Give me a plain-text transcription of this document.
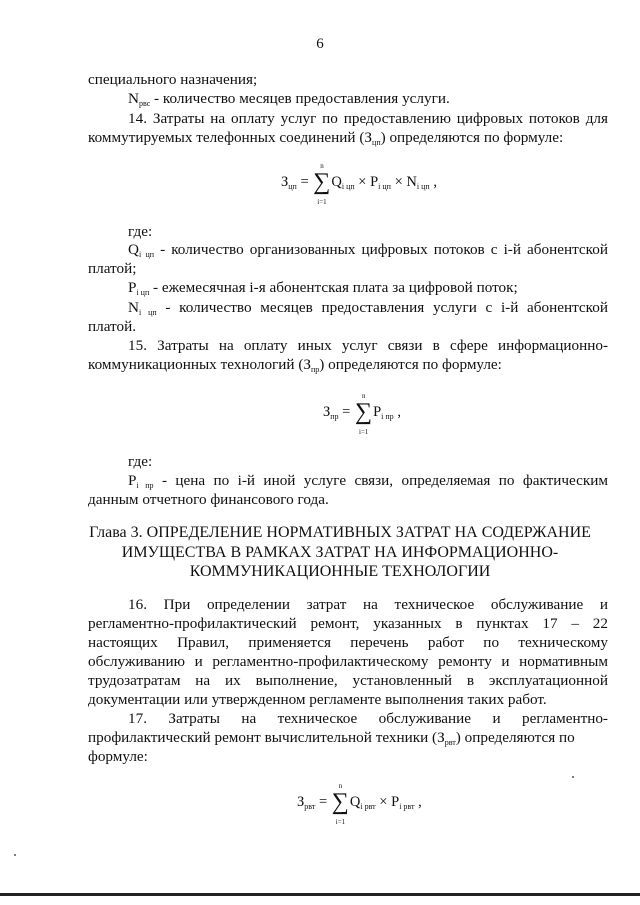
6
специального назначения;
$N_{рвс}$ - количество месяцев предоставления услуги.
14. Затраты на оплату услуг по предоставлению цифровых потоков для
коммутируемых телефонных соединений $(З_{цп})$ определяются по формуле:
$З_{цп}$ = ∑
n
i=1
$Q_{i цп} \times P_{i цп} \times N_{i цп}$ ,
где:
$Q_{i цп}$ - количество организованных цифровых потоков с i-й абонентской
платой;
$P_{i цп}$ - ежемесячная i-я абонентская плата за цифровой поток;
$N_{i цп}$ - количество месяцев предоставления услуги с i-й абонентской
платой.
15. Затраты на оплату иных услуг связи в сфере информационно-
коммуникационных технологий $(З_{пр})$ определяются по формуле:
$З_{пр}$ = ∑
n
i=1
$P_{i пр}$ ,
где:
$P_{i пр}$ - цена по i-й иной услуге связи, определяемая по фактическим
данным отчетного финансового года.
Глава 3. ОПРЕДЕЛЕНИЕ НОРМАТИВНЫХ ЗАТРАТ НА СОДЕРЖАНИЕ
ИМУЩЕСТВА В РАМКАХ ЗАТРАТ НА ИНФОРМАЦИОННО-
КОММУНИКАЦИОННЫЕ ТЕХНОЛОГИИ
16. При определении затрат на техническое обслуживание и
регламентно-профилактический ремонт, указанных в пунктах 17 – 22
настоящих Правил, применяется перечень работ по техническому
обслуживанию и регламентно-профилактическому ремонту и нормативным
трудозатратам на их выполнение, установленный в эксплуатационной
документации или утвержденном регламенте выполнения таких работ.
17. Затраты на техническое обслуживание и регламентно-
профилактический ремонт вычислительной техники $(З_{рвт})$ определяются по
формуле:
$З_{рвт}$ = ∑
n
i=1
$Q_{i рвт} \times P_{i рвт}$ ,
